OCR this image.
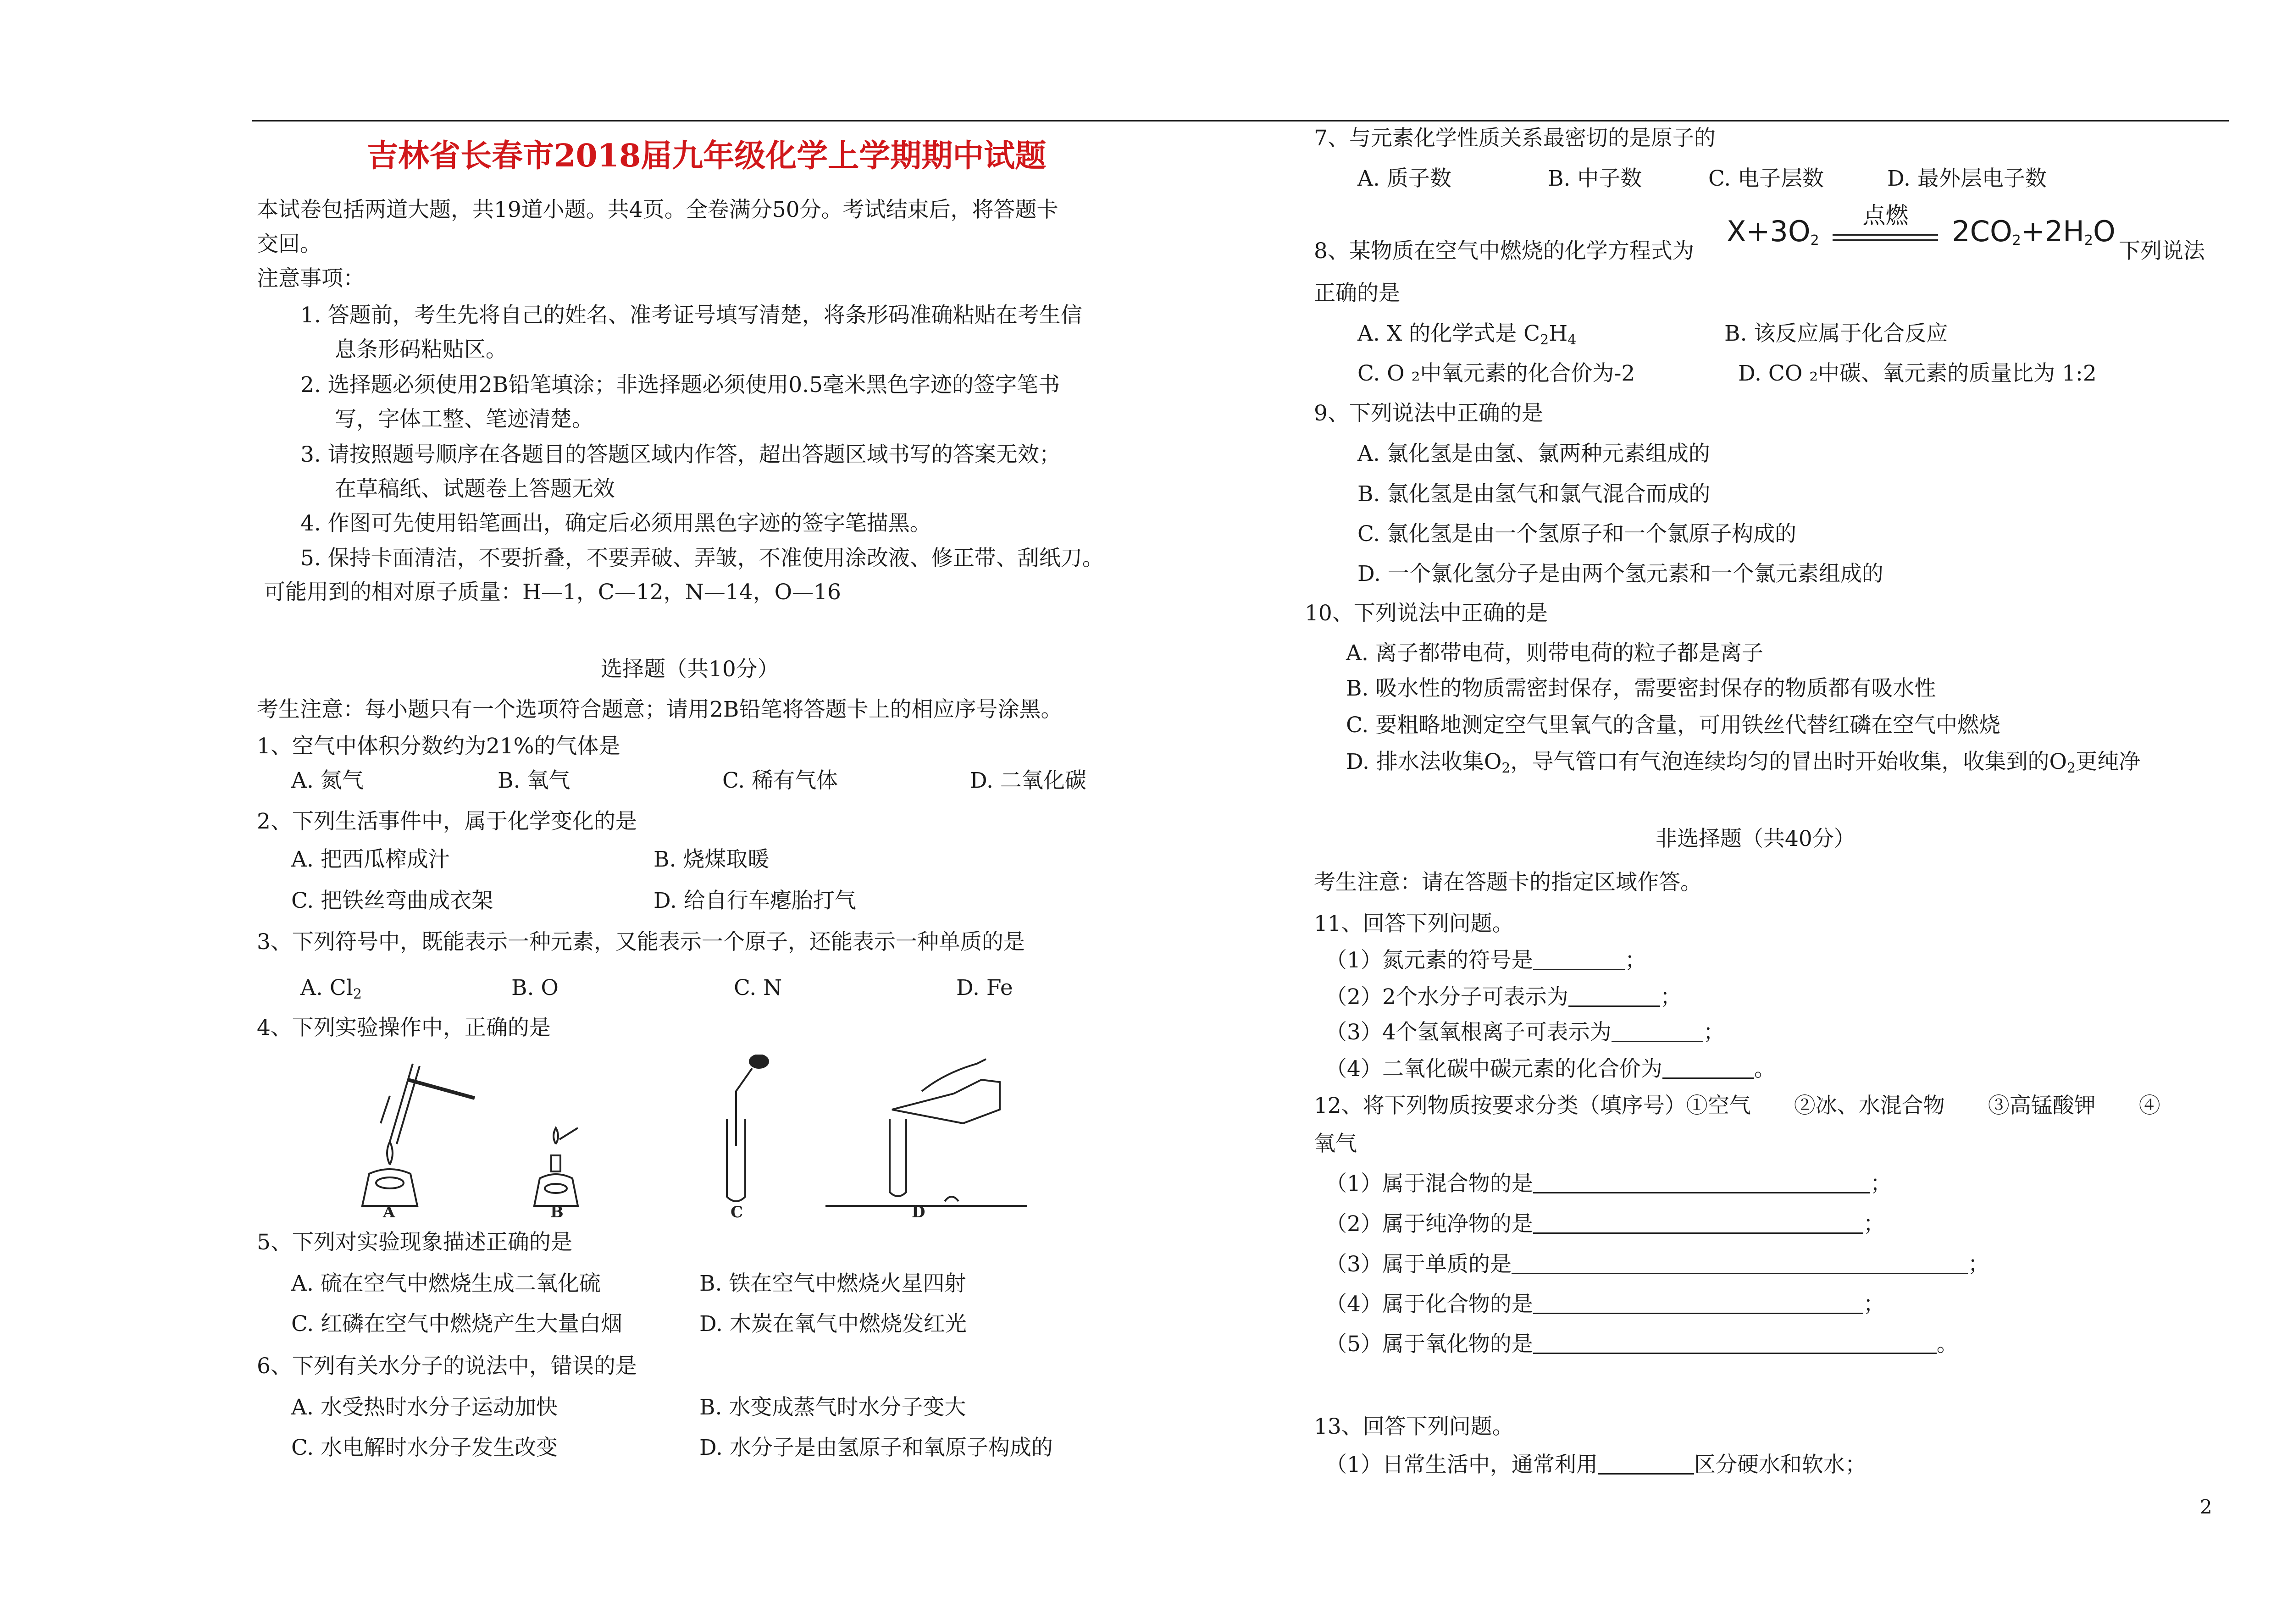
吉林省长春市2018届九年级化学上学期期中试题
本试卷包括两道大题，共19道小题。共4页。全卷满分50分。考试结束后，将答题卡
交回。
注意事项：
1. 答题前，考生先将自己的姓名、准考证号填写清楚，将条形码准确粘贴在考生信
息条形码粘贴区。
2. 选择题必须使用2B铅笔填涂；非选择题必须使用0.5毫米黑色字迹的签字笔书
写，字体工整、笔迹清楚。
3. 请按照题号顺序在各题目的答题区域内作答，超出答题区域书写的答案无效；
在草稿纸、试题卷上答题无效
4. 作图可先使用铅笔画出，确定后必须用黑色字迹的签字笔描黑。
5. 保持卡面清洁，不要折叠，不要弄破、弄皱，不准使用涂改液、修正带、刮纸刀。
可能用到的相对原子质量：H—1，C—12，N—14，O—16
选择题（共10分）
考生注意：每小题只有一个选项符合题意；请用2B铅笔将答题卡上的相应序号涂黑。
1、空气中体积分数约为21%的气体是
A. 氮气	B. 氧气	C. 稀有气体	D. 二氧化碳
2、下列生活事件中，属于化学变化的是
A. 把西瓜榨成汁	B. 烧煤取暖
C. 把铁丝弯曲成衣架	D. 给自行车瘪胎打气
3、下列符号中，既能表示一种元素，又能表示一个原子，还能表示一种单质的是
A. $Cl_2$	B. O	C. N	D. Fe
4、下列实验操作中，正确的是
A	B	C	D
5、下列对实验现象描述正确的是
A. 硫在空气中燃烧生成二氧化硫	B. 铁在空气中燃烧火星四射
C. 红磷在空气中燃烧产生大量白烟	D. 木炭在氧气中燃烧发红光
6、下列有关水分子的说法中，错误的是
A. 水受热时水分子运动加快	B. 水变成蒸气时水分子变大
C. 水电解时水分子发生改变	D. 水分子是由氢原子和氧原子构成的
7、与元素化学性质关系最密切的是原子的
A. 质子数	B. 中子数	C. 电子层数	D. 最外层电子数
8、某物质在空气中燃烧的化学方程式为
$X+3O_2$
点燃	$2CO_2+2H_2O$
下列说法
正确的是
A. X 的化学式是 $C_2H_4$	B. 该反应属于化合反应
C. O ₂中氧元素的化合价为-2	D. CO ₂中碳、氧元素的质量比为 1:2
9、下列说法中正确的是
A. 氯化氢是由氢、氯两种元素组成的
B. 氯化氢是由氢气和氯气混合而成的
C. 氯化氢是由一个氢原子和一个氯原子构成的
D. 一个氯化氢分子是由两个氢元素和一个氯元素组成的
10、下列说法中正确的是
A. 离子都带电荷，则带电荷的粒子都是离子
B. 吸水性的物质需密封保存，需要密封保存的物质都有吸水性
C. 要粗略地测定空气里氧气的含量，可用铁丝代替红磷在空气中燃烧
D. 排水法收集$O_2$，导气管口有气泡连续均匀的冒出时开始收集，收集到的$O_2$更纯净
非选择题（共40分）
考生注意：请在答题卡的指定区域作答。
11、回答下列问题。
（1）氮元素的符号是	；
（2）2个水分子可表示为	；
（3）4个氢氧根离子可表示为	；
（4）二氧化碳中碳元素的化合价为	。
12、将下列物质按要求分类（填序号）①空气　　②冰、水混合物　　③高锰酸钾　　④
氧气
（1）属于混合物的是	；
（2）属于纯净物的是	；
（3）属于单质的是	；
（4）属于化合物的是	；
（5）属于氧化物的是	。
13、回答下列问题。
（1）日常生活中，通常利用	区分硬水和软水；
2
